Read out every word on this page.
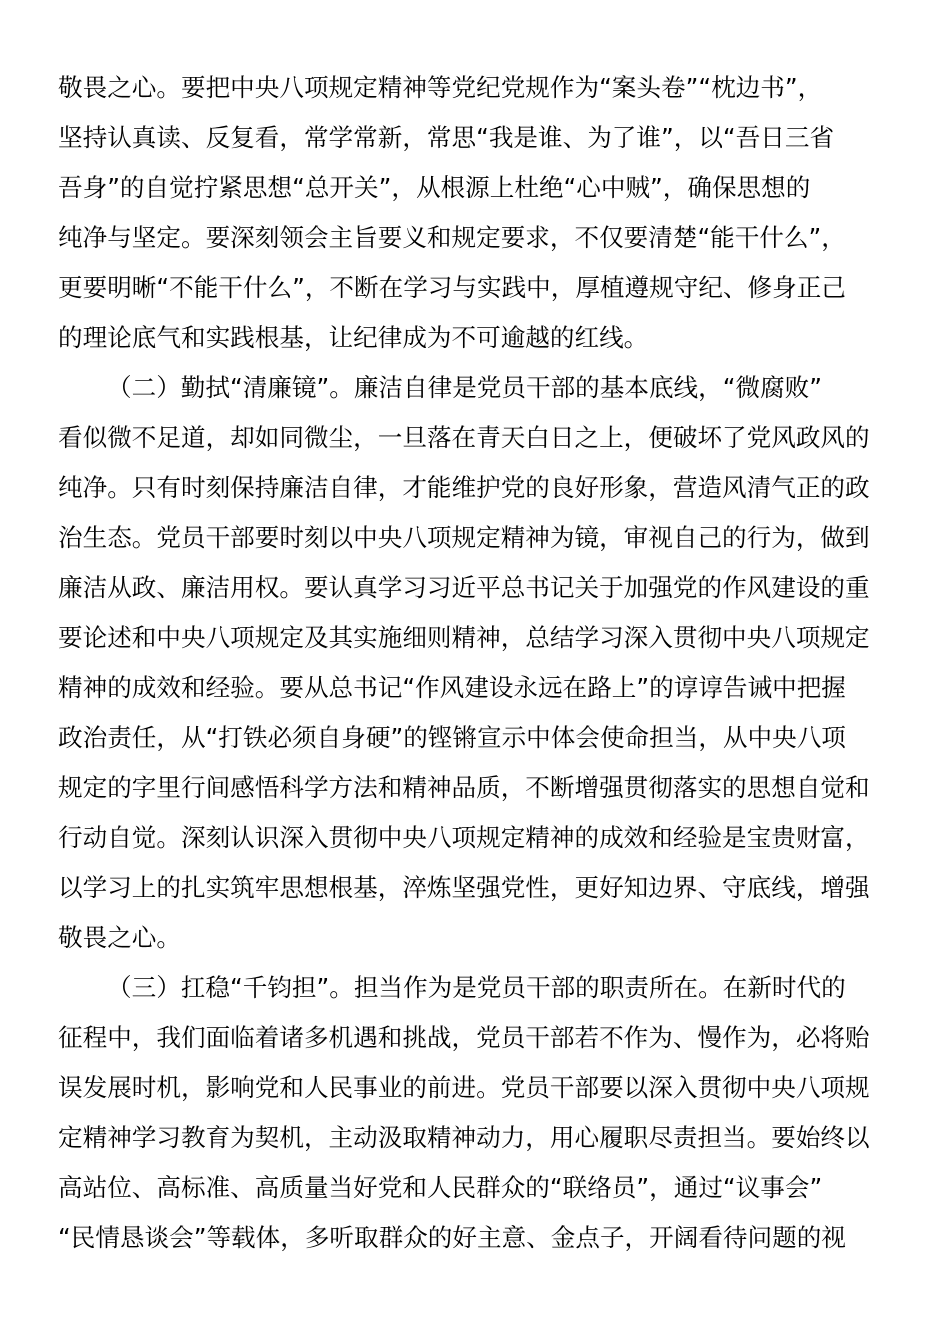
敬畏之心。要把中央八项规定精神等党纪党规作为“案头卷”“枕边书”，
坚持认真读、反复看，常学常新，常思“我是谁、为了谁”，以“吾日三省
吾身”的自觉拧紧思想“总开关”，从根源上杜绝“心中贼”，确保思想的
纯净与坚定。要深刻领会主旨要义和规定要求，不仅要清楚“能干什么”，
更要明晰“不能干什么”，不断在学习与实践中，厚植遵规守纪、修身正己
的理论底气和实践根基，让纪律成为不可逾越的红线。
（二）勤拭“清廉镜”。廉洁自律是党员干部的基本底线，“微腐败”
看似微不足道，却如同微尘，一旦落在青天白日之上，便破坏了党风政风的
纯净。只有时刻保持廉洁自律，才能维护党的良好形象，营造风清气正的政
治生态。党员干部要时刻以中央八项规定精神为镜，审视自己的行为，做到
廉洁从政、廉洁用权。要认真学习习近平总书记关于加强党的作风建设的重
要论述和中央八项规定及其实施细则精神，总结学习深入贯彻中央八项规定
精神的成效和经验。要从总书记“作风建设永远在路上”的谆谆告诫中把握
政治责任，从“打铁必须自身硬”的铿锵宣示中体会使命担当，从中央八项
规定的字里行间感悟科学方法和精神品质，不断增强贯彻落实的思想自觉和
行动自觉。深刻认识深入贯彻中央八项规定精神的成效和经验是宝贵财富，
以学习上的扎实筑牢思想根基，淬炼坚强党性，更好知边界、守底线，增强
敬畏之心。
（三）扛稳“千钧担”。担当作为是党员干部的职责所在。在新时代的
征程中，我们面临着诸多机遇和挑战，党员干部若不作为、慢作为，必将贻
误发展时机，影响党和人民事业的前进。党员干部要以深入贯彻中央八项规
定精神学习教育为契机，主动汲取精神动力，用心履职尽责担当。要始终以
高站位、高标准、高质量当好党和人民群众的“联络员”，通过“议事会”
“民情恳谈会”等载体，多听取群众的好主意、金点子，开阔看待问题的视
